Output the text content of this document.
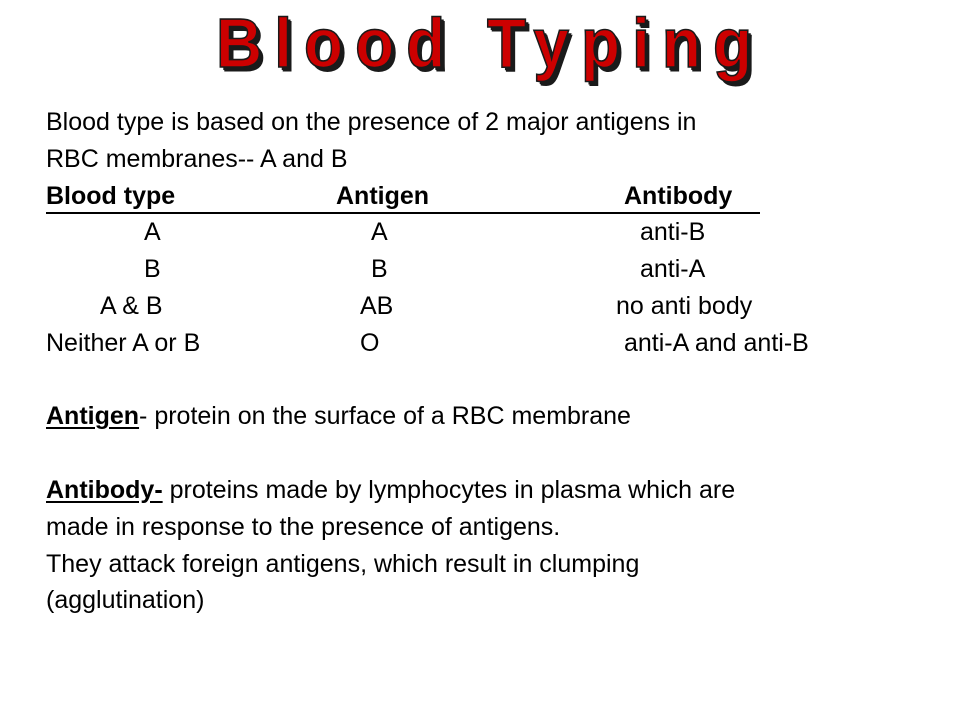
Blood Typing
Blood type is based on the presence of 2 major antigens in
RBC membranes-- A and B
Blood type	Antigen	Antibody
A	A	anti-B
B	B	anti-A
A & B	AB	no anti body
Neither A or B	O	anti-A and anti-B
Antigen- protein on the surface of a RBC membrane
Antibody- proteins made by lymphocytes in plasma which are
made in response to the presence of antigens.
They attack foreign antigens, which result in clumping
(agglutination)
